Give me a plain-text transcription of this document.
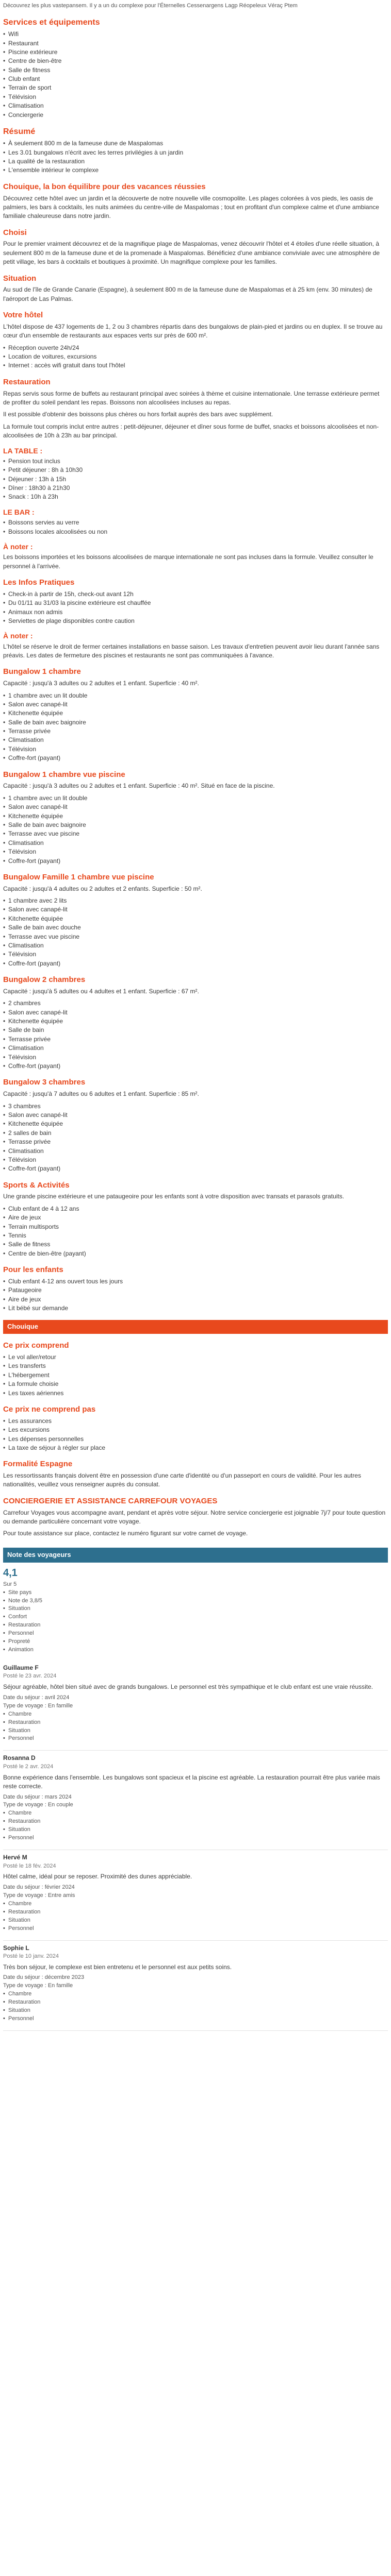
Découvrez les plus vastepansem. Il y a un du complexe pour l'Éternelles Cessenargens Lagp Réopeleux Véraç Ptem

Services et équipements
• Wifi
• Restaurant
• Piscine extérieure
• Centre de bien-être
• Salle de fitness
• Club enfant
• Terrain de sport
• Télévision
• Climatisation
• Conciergerie
Résumé
• À seulement 800 m de la fameuse dune de Maspalomas
• Les 3.01 bungalows n'écrit avec les terres privilégies à un jardin
• La qualité de la restauration
• L'ensemble intérieur le complexe
Chouique, la bon équilibre pour des vacances réussies

Découvrez cette hôtel avec un jardin et la découverte de notre nouvelle ville cosmopolite. Les plages colorées à vos pieds, les oasis de palmiers, les bars à cocktails, les nuits animées du centre-ville de Maspalomas ; tout en profitant d'un complexe calme et d'une ambiance familiale chaleureuse dans notre jardin.

Choisi

Pour le premier vraiment découvrez et de la magnifique plage de Maspalomas, venez découvrir l'hôtel et 4 étoiles d'une réelle situation, à seulement 800 m de la fameuse dune et de la promenade à Maspalomas. Bénéficiez d'une ambiance conviviale avec une atmosphère de petit village, les bars à cocktails et boutiques à proximité. Un magnifique complexe pour les familles.

Situation

Au sud de l'île de Grande Canarie (Espagne), à seulement 800 m de la fameuse dune de Maspalomas et à 25 km (env. 30 minutes) de l'aéroport de Las Palmas.

Votre hôtel

L'hôtel dispose de 437 logements de 1, 2 ou 3 chambres répartis dans des bungalows de plain-pied et jardins ou en duplex. Il se trouve au cœur d'un ensemble de restaurants aux espaces verts sur près de 600 m².

• Réception ouverte 24h/24
• Location de voitures, excursions
• Internet : accès wifi gratuit dans tout l'hôtel
Restauration

Repas servis sous forme de buffets au restaurant principal avec soirées à thème et cuisine internationale. Une terrasse extérieure permet de profiter du soleil pendant les repas. Boissons non alcoolisées incluses au repas.

Il est possible d'obtenir des boissons plus chères ou hors forfait auprès des bars avec supplément.

La formule tout compris inclut entre autres : petit-déjeuner, déjeuner et dîner sous forme de buffet, snacks et boissons alcoolisées et non-alcoolisées de 10h à 23h au bar principal.

LA TABLE :
• Pension tout inclus
• Petit déjeuner : 8h à 10h30
• Déjeuner : 13h à 15h
• Dîner : 18h30 à 21h30
• Snack : 10h à 23h
LE BAR :
• Boissons servies au verre
• Boissons locales alcoolisées ou non
À noter :

Les boissons importées et les boissons alcoolisées de marque internationale ne sont pas incluses dans la formule. Veuillez consulter le personnel à l'arrivée.

Les Infos Pratiques
• Check-in à partir de 15h, check-out avant 12h
• Du 01/11 au 31/03 la piscine extérieure est chauffée
• Animaux non admis
• Serviettes de plage disponibles contre caution
À noter :

L'hôtel se réserve le droit de fermer certaines installations en basse saison. Les travaux d'entretien peuvent avoir lieu durant l'année sans préavis. Les dates de fermeture des piscines et restaurants ne sont pas communiquées à l'avance.

Bungalow 1 chambre

Capacité : jusqu'à 3 adultes ou 2 adultes et 1 enfant. Superficie : 40 m².

• 1 chambre avec un lit double
• Salon avec canapé-lit
• Kitchenette équipée
• Salle de bain avec baignoire
• Terrasse privée
• Climatisation
• Télévision
• Coffre-fort (payant)
Bungalow 1 chambre vue piscine

Capacité : jusqu'à 3 adultes ou 2 adultes et 1 enfant. Superficie : 40 m². Situé en face de la piscine.

• 1 chambre avec un lit double
• Salon avec canapé-lit
• Kitchenette équipée
• Salle de bain avec baignoire
• Terrasse avec vue piscine
• Climatisation
• Télévision
• Coffre-fort (payant)
Bungalow Famille 1 chambre vue piscine

Capacité : jusqu'à 4 adultes ou 2 adultes et 2 enfants. Superficie : 50 m².

• 1 chambre avec 2 lits
• Salon avec canapé-lit
• Kitchenette équipée
• Salle de bain avec douche
• Terrasse avec vue piscine
• Climatisation
• Télévision
• Coffre-fort (payant)
Bungalow 2 chambres

Capacité : jusqu'à 5 adultes ou 4 adultes et 1 enfant. Superficie : 67 m².

• 2 chambres
• Salon avec canapé-lit
• Kitchenette équipée
• Salle de bain
• Terrasse privée
• Climatisation
• Télévision
• Coffre-fort (payant)
Bungalow 3 chambres

Capacité : jusqu'à 7 adultes ou 6 adultes et 1 enfant. Superficie : 85 m².

• 3 chambres
• Salon avec canapé-lit
• Kitchenette équipée
• 2 salles de bain
• Terrasse privée
• Climatisation
• Télévision
• Coffre-fort (payant)
Sports & Activités

Une grande piscine extérieure et une pataugeoire pour les enfants sont à votre disposition avec transats et parasols gratuits.

• Club enfant de 4 à 12 ans
• Aire de jeux
• Terrain multisports
• Tennis
• Salle de fitness
• Centre de bien-être (payant)
Pour les enfants
• Club enfant 4-12 ans ouvert tous les jours
• Pataugeoire
• Aire de jeux
• Lit bébé sur demande
Chouique
Ce prix comprend
• Le vol aller/retour
• Les transferts
• L'hébergement
• La formule choisie
• Les taxes aériennes
Ce prix ne comprend pas
• Les assurances
• Les excursions
• Les dépenses personnelles
• La taxe de séjour à régler sur place
Formalité Espagne

Les ressortissants français doivent être en possession d'une carte d'identité ou d'un passeport en cours de validité. Pour les autres nationalités, veuillez vous renseigner auprès du consulat.

CONCIERGERIE ET ASSISTANCE CARREFOUR VOYAGES

Carrefour Voyages vous accompagne avant, pendant et après votre séjour. Notre service conciergerie est joignable 7j/7 pour toute question ou demande particulière concernant votre voyage.

Pour toute assistance sur place, contactez le numéro figurant sur votre carnet de voyage.

Note des voyageurs
4,1
Sur 5
• Site pays
• Note de 3,8/5
• Situation
• Confort
• Restauration
• Personnel
• Propreté
• Animation
Guillaume F
Posté le 23 avr. 2024
Séjour agréable, hôtel bien situé avec de grands bungalows. Le personnel est très sympathique et le club enfant est une vraie réussite.
Date du séjour : avril 2024
Type de voyage : En famille
• Chambre
• Restauration
• Situation
• Personnel
Rosanna D
Posté le 2 avr. 2024
Bonne expérience dans l'ensemble. Les bungalows sont spacieux et la piscine est agréable. La restauration pourrait être plus variée mais reste correcte.
Date du séjour : mars 2024
Type de voyage : En couple
• Chambre
• Restauration
• Situation
• Personnel
Hervé M
Posté le 18 fév. 2024
Hôtel calme, idéal pour se reposer. Proximité des dunes appréciable.
Date du séjour : février 2024
Type de voyage : Entre amis
• Chambre
• Restauration
• Situation
• Personnel
Sophie L
Posté le 10 janv. 2024
Très bon séjour, le complexe est bien entretenu et le personnel est aux petits soins.
Date du séjour : décembre 2023
Type de voyage : En famille
• Chambre
• Restauration
• Situation
• Personnel
